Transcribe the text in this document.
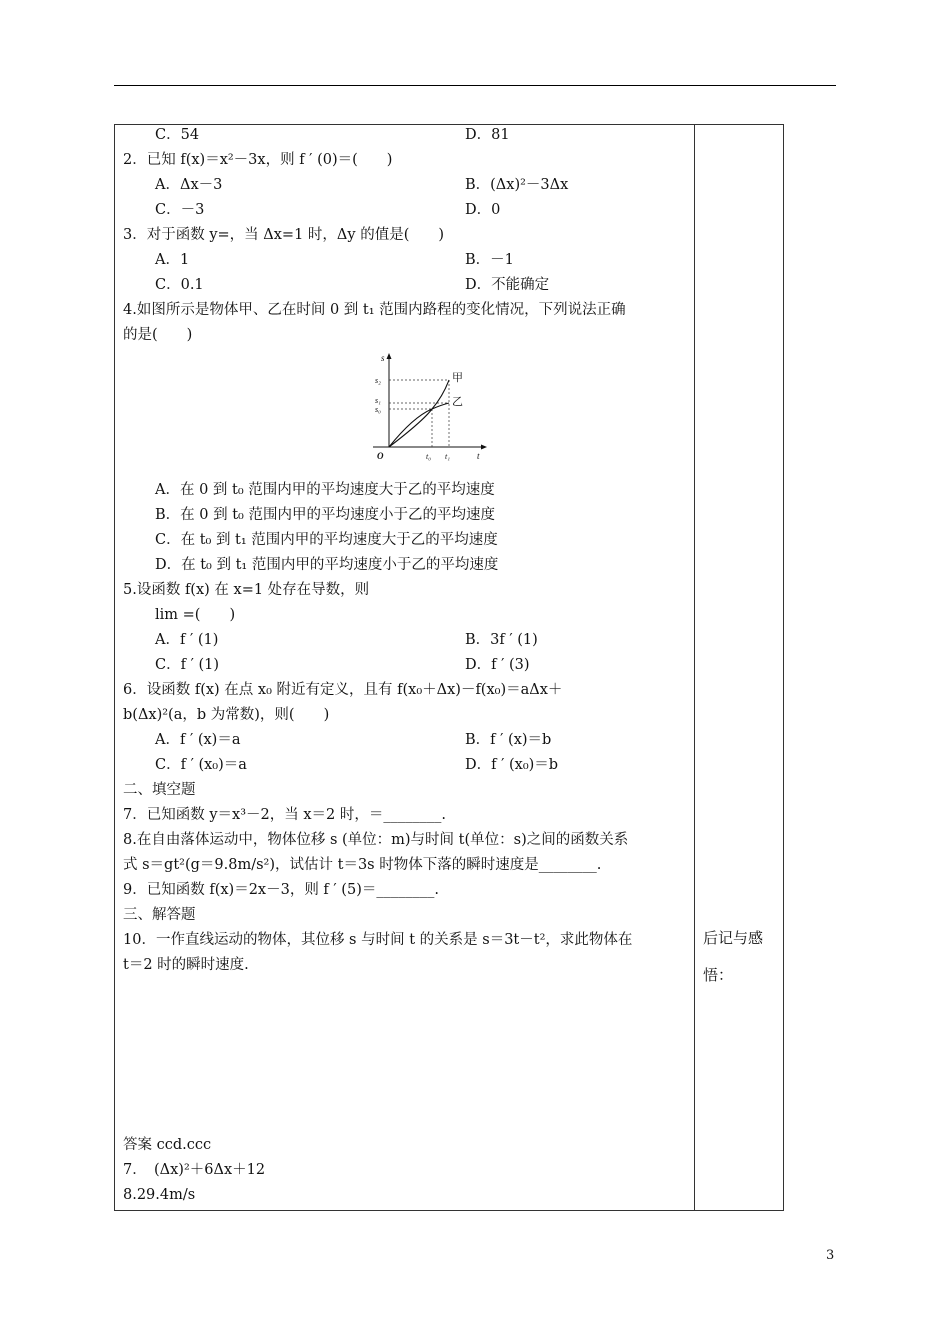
C．54	D．81
2．已知 f(x)＝x²－3x，则 f ′ (0)＝(　　)
A．Δx－3	B．(Δx)²－3Δx
C．－3	D．0
3．对于函数 y=，当 Δx=1 时，Δy 的值是(　　)
A．1	B．－1
C．0.1	D．不能确定
4.如图所示是物体甲、乙在时间 0 到 t₁ 范围内路程的变化情况，下列说法正确
的是(　　)
s
t
O
s₂
s₁
s₀
t₀ t₁
甲
乙
A．在 0 到 t₀ 范围内甲的平均速度大于乙的平均速度
B．在 0 到 t₀ 范围内甲的平均速度小于乙的平均速度
C．在 t₀ 到 t₁ 范围内甲的平均速度大于乙的平均速度
D．在 t₀ 到 t₁ 范围内甲的平均速度小于乙的平均速度
5.设函数 f(x) 在 x=1 处存在导数，则
lim =(　　)
A．f ′ (1)	B．3f ′ (1)
C．f ′ (1)	D．f ′ (3)
6．设函数 f(x) 在点 x₀ 附近有定义，且有 f(x₀＋Δx)－f(x₀)＝aΔx＋
b(Δx)²(a，b 为常数)，则(　　)
A．f ′ (x)＝a	B．f ′ (x)＝b
C．f ′ (x₀)＝a	D．f ′ (x₀)＝b
二、填空题
7．已知函数 y＝x³－2，当 x＝2 时，＝________.
8.在自由落体运动中，物体位移 s (单位：m)与时间 t(单位：s)之间的函数关系
式 s＝gt²(g＝9.8m/s²)，试估计 t＝3s 时物体下落的瞬时速度是________.
9．已知函数 f(x)＝2x－3，则 f ′ (5)＝________.
三、解答题
10．一作直线运动的物体，其位移 s 与时间 t 的关系是 s＝3t－t²，求此物体在
t＝2 时的瞬时速度.
答案 ccd.ccc
7．　(Δx)²＋6Δx＋12
8.29.4m/s
后记与感
悟：
3
